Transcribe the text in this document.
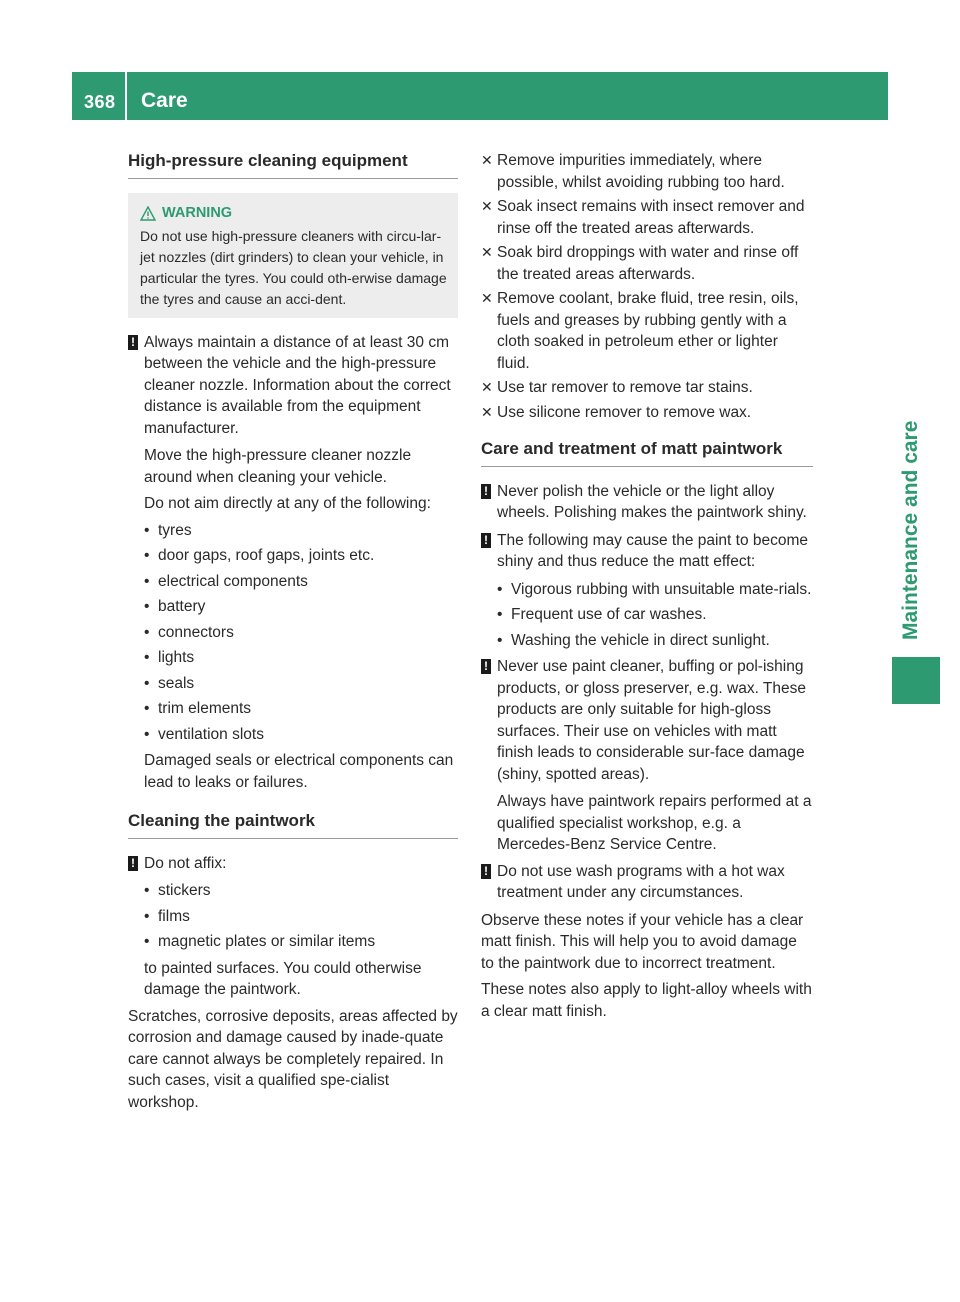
368 Care
Maintenance and care
High-pressure cleaning equipment
WARNING
Do not use high-pressure cleaners with circu-lar-jet nozzles (dirt grinders) to clean your vehicle, in particular the tyres. You could oth-erwise damage the tyres and cause an acci-dent.
! Always maintain a distance of at least 30 cm between the vehicle and the high-pressure cleaner nozzle. Information about the correct distance is available from the equipment manufacturer.

Move the high-pressure cleaner nozzle around when cleaning your vehicle.

Do not aim directly at any of the following:

• tyres
• door gaps, roof gaps, joints etc.
• electrical components
• battery
• connectors
• lights
• seals
• trim elements
• ventilation slots

Damaged seals or electrical components can lead to leaks or failures.

Cleaning the paintwork
! Do not affix:
• stickers
• films
• magnetic plates or similar items

to painted surfaces. You could otherwise damage the paintwork.

Scratches, corrosive deposits, areas affected by corrosion and damage caused by inade-quate care cannot always be completely repaired. In such cases, visit a qualified spe-cialist workshop.

✕ Remove impurities immediately, where possible, whilst avoiding rubbing too hard.
✕ Soak insect remains with insect remover and rinse off the treated areas afterwards.
✕ Soak bird droppings with water and rinse off the treated areas afterwards.
✕ Remove coolant, brake fluid, tree resin, oils, fuels and greases by rubbing gently with a cloth soaked in petroleum ether or lighter fluid.
✕ Use tar remover to remove tar stains.
✕ Use silicone remover to remove wax.
Care and treatment of matt paintwork
! Never polish the vehicle or the light alloy wheels. Polishing makes the paintwork shiny.
! The following may cause the paint to become shiny and thus reduce the matt effect:
• Vigorous rubbing with unsuitable mate-rials.
• Frequent use of car washes.
• Washing the vehicle in direct sunlight.
! Never use paint cleaner, buffing or pol-ishing products, or gloss preserver, e.g. wax. These products are only suitable for high-gloss surfaces. Their use on vehicles with matt finish leads to considerable sur-face damage (shiny, spotted areas).

Always have paintwork repairs performed at a qualified specialist workshop, e.g. a Mercedes-Benz Service Centre.

! Do not use wash programs with a hot wax treatment under any circumstances.

Observe these notes if your vehicle has a clear matt finish. This will help you to avoid damage to the paintwork due to incorrect treatment.

These notes also apply to light-alloy wheels with a clear matt finish.
